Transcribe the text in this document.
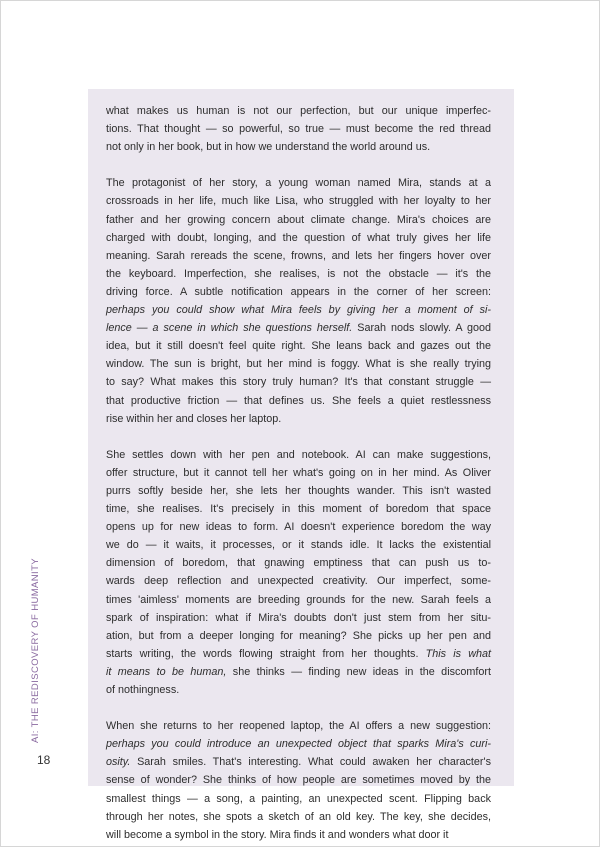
what makes us human is not our perfection, but our unique imperfec-
tions. That thought — so powerful, so true — must become the red thread
not only in her book, but in how we understand the world around us.
The protagonist of her story, a young woman named Mira, stands at a
crossroads in her life, much like Lisa, who struggled with her loyalty to her
father and her growing concern about climate change. Mira's choices are
charged with doubt, longing, and the question of what truly gives her life
meaning. Sarah rereads the scene, frowns, and lets her fingers hover over
the keyboard. Imperfection, she realises, is not the obstacle — it's the
driving force. A subtle notification appears in the corner of her screen:
perhaps you could show what Mira feels by giving her a moment of si-
lence — a scene in which she questions herself. Sarah nods slowly. A good
idea, but it still doesn't feel quite right. She leans back and gazes out the
window. The sun is bright, but her mind is foggy. What is she really trying
to say? What makes this story truly human? It's that constant struggle —
that productive friction — that defines us. She feels a quiet restlessness
rise within her and closes her laptop.
She settles down with her pen and notebook. AI can make suggestions,
offer structure, but it cannot tell her what's going on in her mind. As Oliver
purrs softly beside her, she lets her thoughts wander. This isn't wasted
time, she realises. It's precisely in this moment of boredom that space
opens up for new ideas to form. AI doesn't experience boredom the way
we do — it waits, it processes, or it stands idle. It lacks the existential
dimension of boredom, that gnawing emptiness that can push us to-
wards deep reflection and unexpected creativity. Our imperfect, some-
times 'aimless' moments are breeding grounds for the new. Sarah feels a
spark of inspiration: what if Mira's doubts don't just stem from her situ-
ation, but from a deeper longing for meaning? She picks up her pen and
starts writing, the words flowing straight from her thoughts. This is what
it means to be human, she thinks — finding new ideas in the discomfort
of nothingness.
When she returns to her reopened laptop, the AI offers a new suggestion:
perhaps you could introduce an unexpected object that sparks Mira's curi-
osity. Sarah smiles. That's interesting. What could awaken her character's
sense of wonder? She thinks of how people are sometimes moved by the
smallest things — a song, a painting, an unexpected scent. Flipping back
through her notes, she spots a sketch of an old key. The key, she decides,
will become a symbol in the story. Mira finds it and wonders what door it
AI: THE REDISCOVERY OF HUMANITY
18
